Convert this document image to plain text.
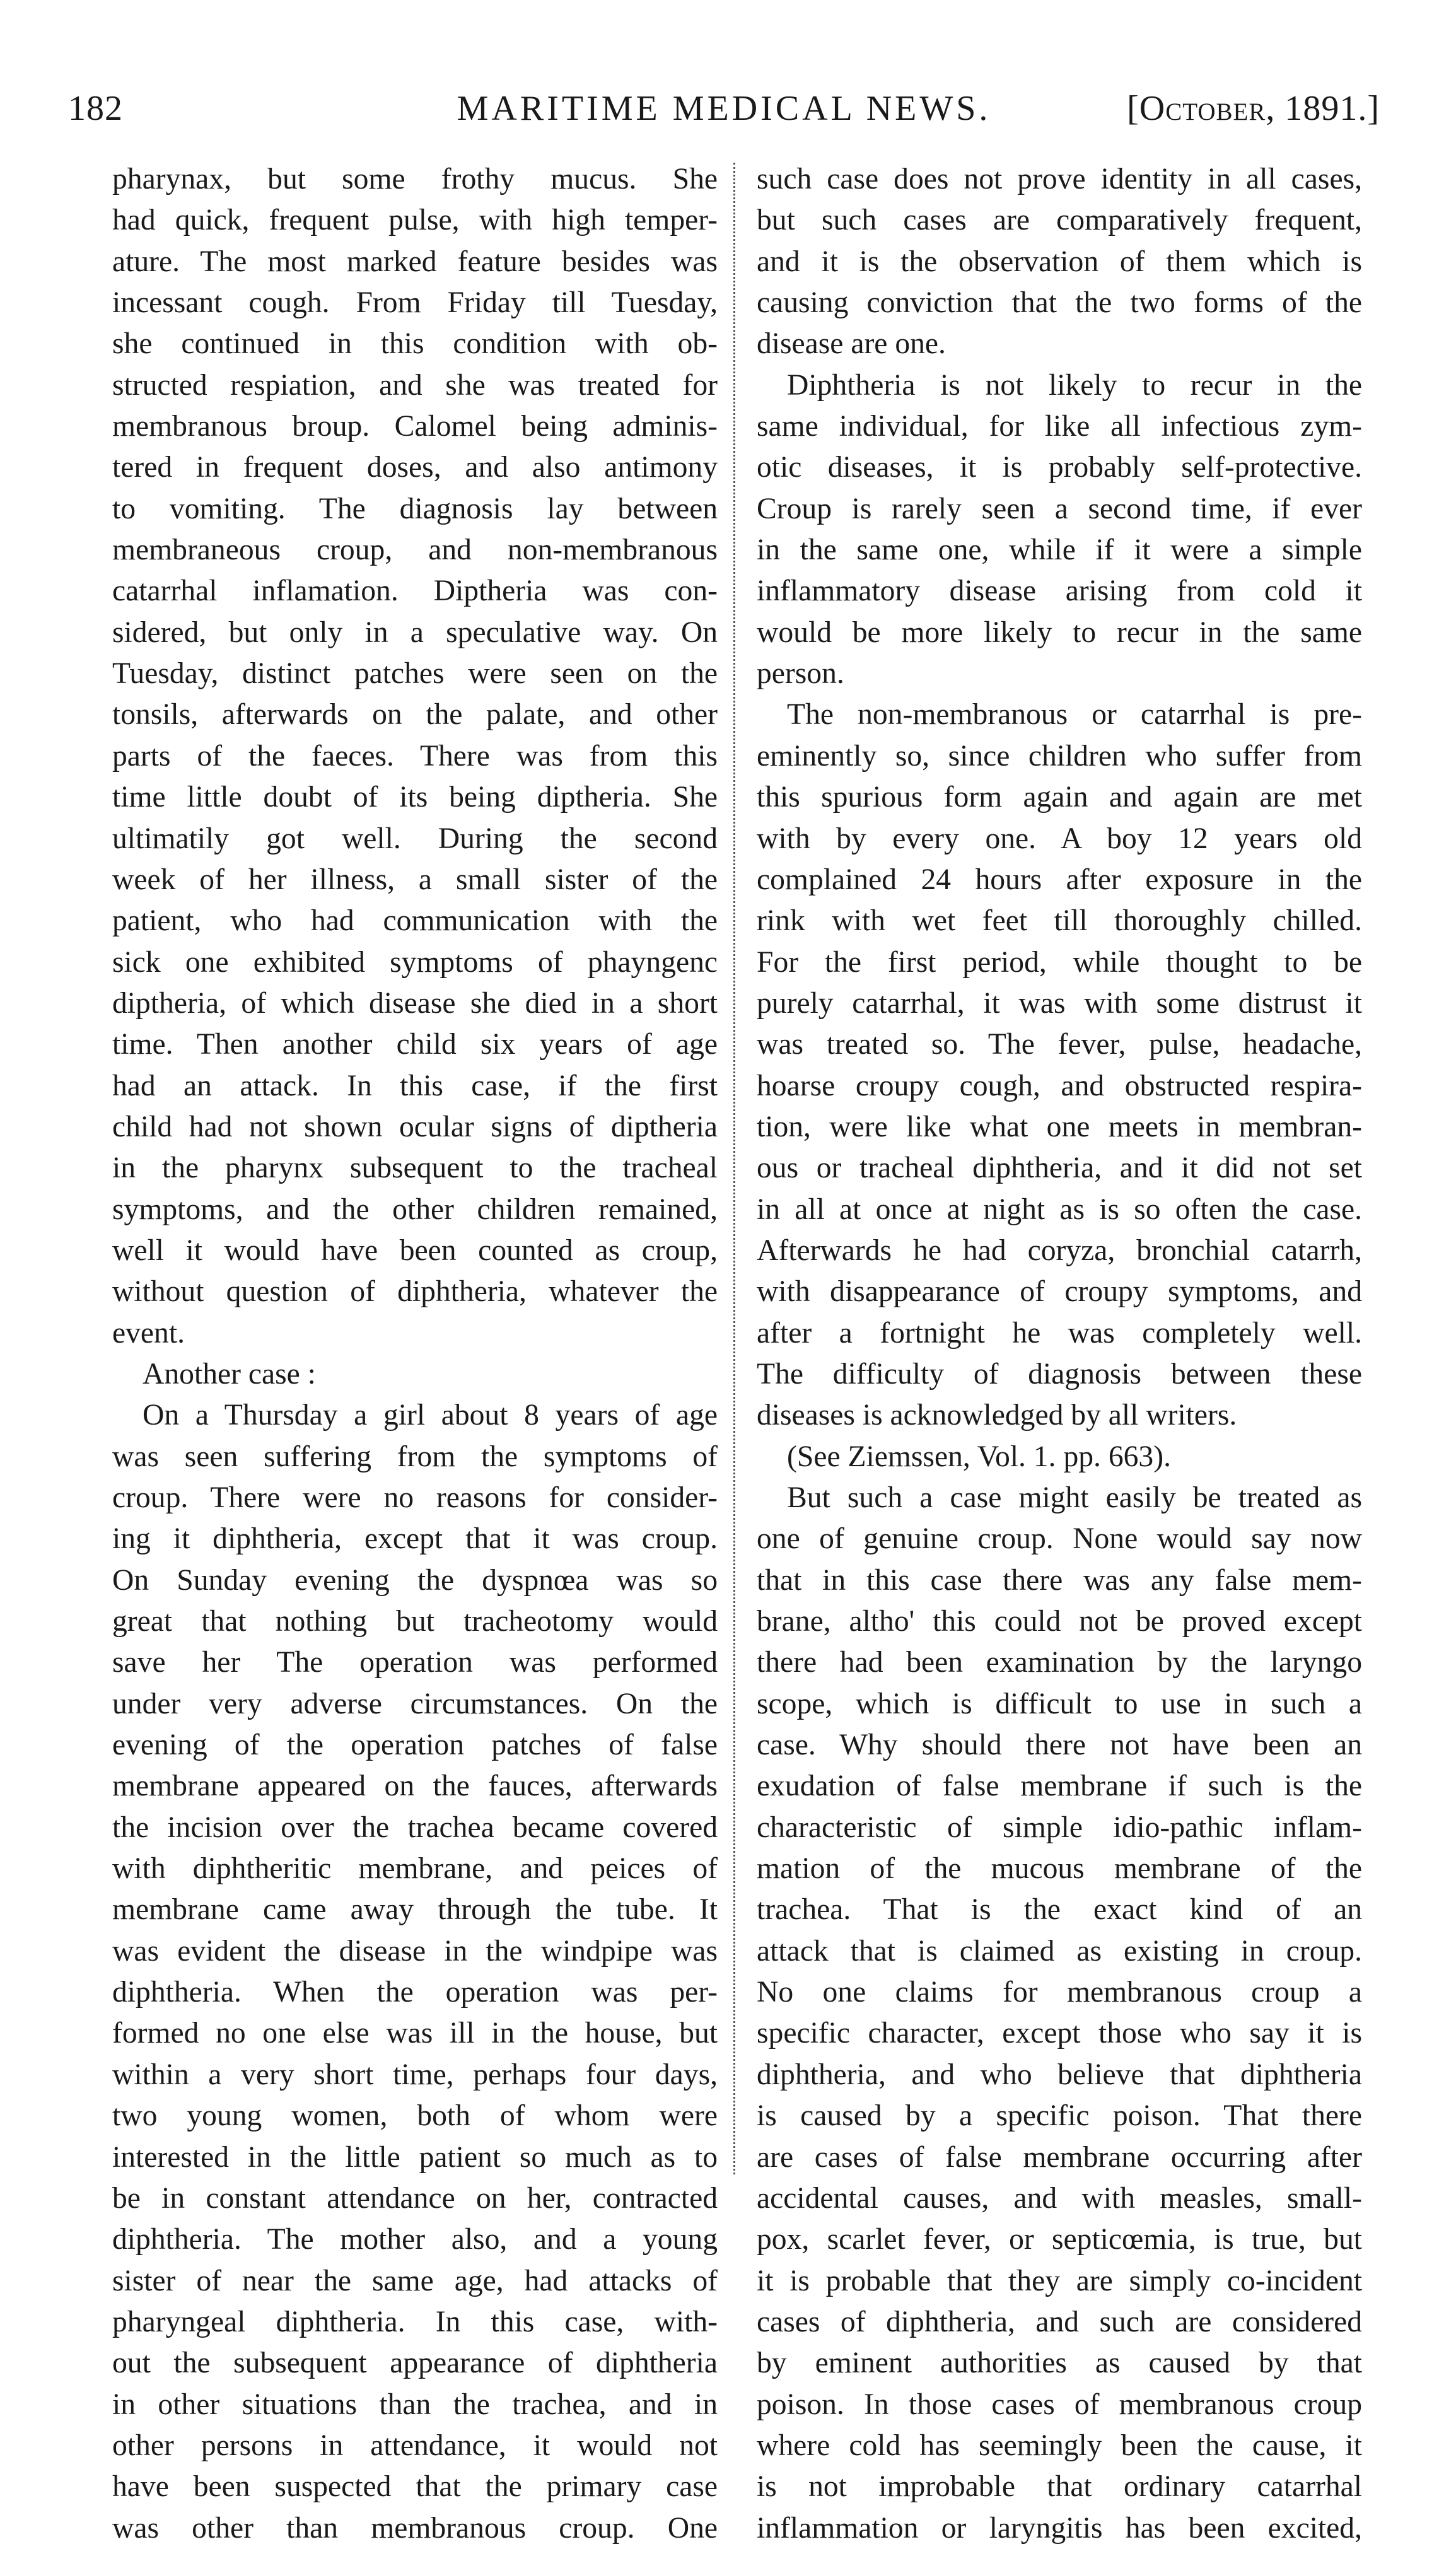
182	MARITIME MEDICAL NEWS.	[October, 1891.]
pharynax, but some frothy mucus. She
had quick, frequent pulse, with high temper-
ature. The most marked feature besides was
incessant cough. From Friday till Tuesday,
she continued in this condition with ob-
structed respiation, and she was treated for
membranous broup. Calomel being adminis-
tered in frequent doses, and also antimony
to vomiting. The diagnosis lay between
membraneous croup, and non-membranous
catarrhal inflamation. Diptheria was con-
sidered, but only in a speculative way. On
Tuesday, distinct patches were seen on the
tonsils, afterwards on the palate, and other
parts of the faeces. There was from this
time little doubt of its being diptheria. She
ultimatily got well. During the second
week of her illness, a small sister of the
patient, who had communication with the
sick one exhibited symptoms of phayngenc
diptheria, of which disease she died in a short
time. Then another child six years of age
had an attack. In this case, if the first
child had not shown ocular signs of diptheria
in the pharynx subsequent to the tracheal
symptoms, and the other children remained,
well it would have been counted as croup,
without question of diphtheria, whatever the
event.
Another case :
On a Thursday a girl about 8 years of age
was seen suffering from the symptoms of
croup. There were no reasons for consider-
ing it diphtheria, except that it was croup.
On Sunday evening the dyspnœa was so
great that nothing but tracheotomy would
save her The operation was performed
under very adverse circumstances. On the
evening of the operation patches of false
membrane appeared on the fauces, afterwards
the incision over the trachea became covered
with diphtheritic membrane, and peices of
membrane came away through the tube. It
was evident the disease in the windpipe was
diphtheria. When the operation was per-
formed no one else was ill in the house, but
within a very short time, perhaps four days,
two young women, both of whom were
interested in the little patient so much as to
be in constant attendance on her, contracted
diphtheria. The mother also, and a young
sister of near the same age, had attacks of
pharyngeal diphtheria. In this case, with-
out the subsequent appearance of diphtheria
in other situations than the trachea, and in
other persons in attendance, it would not
have been suspected that the primary case
was other than membranous croup. One
such case does not prove identity in all cases,
but such cases are comparatively frequent,
and it is the observation of them which is
causing conviction that the two forms of the
disease are one.
Diphtheria is not likely to recur in the
same individual, for like all infectious zym-
otic diseases, it is probably self-protective.
Croup is rarely seen a second time, if ever
in the same one, while if it were a simple
inflammatory disease arising from cold it
would be more likely to recur in the same
person.
The non-membranous or catarrhal is pre-
eminently so, since children who suffer from
this spurious form again and again are met
with by every one. A boy 12 years old
complained 24 hours after exposure in the
rink with wet feet till thoroughly chilled.
For the first period, while thought to be
purely catarrhal, it was with some distrust it
was treated so. The fever, pulse, headache,
hoarse croupy cough, and obstructed respira-
tion, were like what one meets in membran-
ous or tracheal diphtheria, and it did not set
in all at once at night as is so often the case.
Afterwards he had coryza, bronchial catarrh,
with disappearance of croupy symptoms, and
after a fortnight he was completely well.
The difficulty of diagnosis between these
diseases is acknowledged by all writers.
(See Ziemssen, Vol. 1. pp. 663).
But such a case might easily be treated as
one of genuine croup. None would say now
that in this case there was any false mem-
brane, altho' this could not be proved except
there had been examination by the laryngo
scope, which is difficult to use in such a
case. Why should there not have been an
exudation of false membrane if such is the
characteristic of simple idio-pathic inflam-
mation of the mucous membrane of the
trachea. That is the exact kind of an
attack that is claimed as existing in croup.
No one claims for membranous croup a
specific character, except those who say it is
diphtheria, and who believe that diphtheria
is caused by a specific poison. That there
are cases of false membrane occurring after
accidental causes, and with measles, small-
pox, scarlet fever, or septicœmia, is true, but
it is probable that they are simply co-incident
cases of diphtheria, and such are considered
by eminent authorities as caused by that
poison. In those cases of membranous croup
where cold has seemingly been the cause, it
is not improbable that ordinary catarrhal
inflammation or laryngitis has been excited,
